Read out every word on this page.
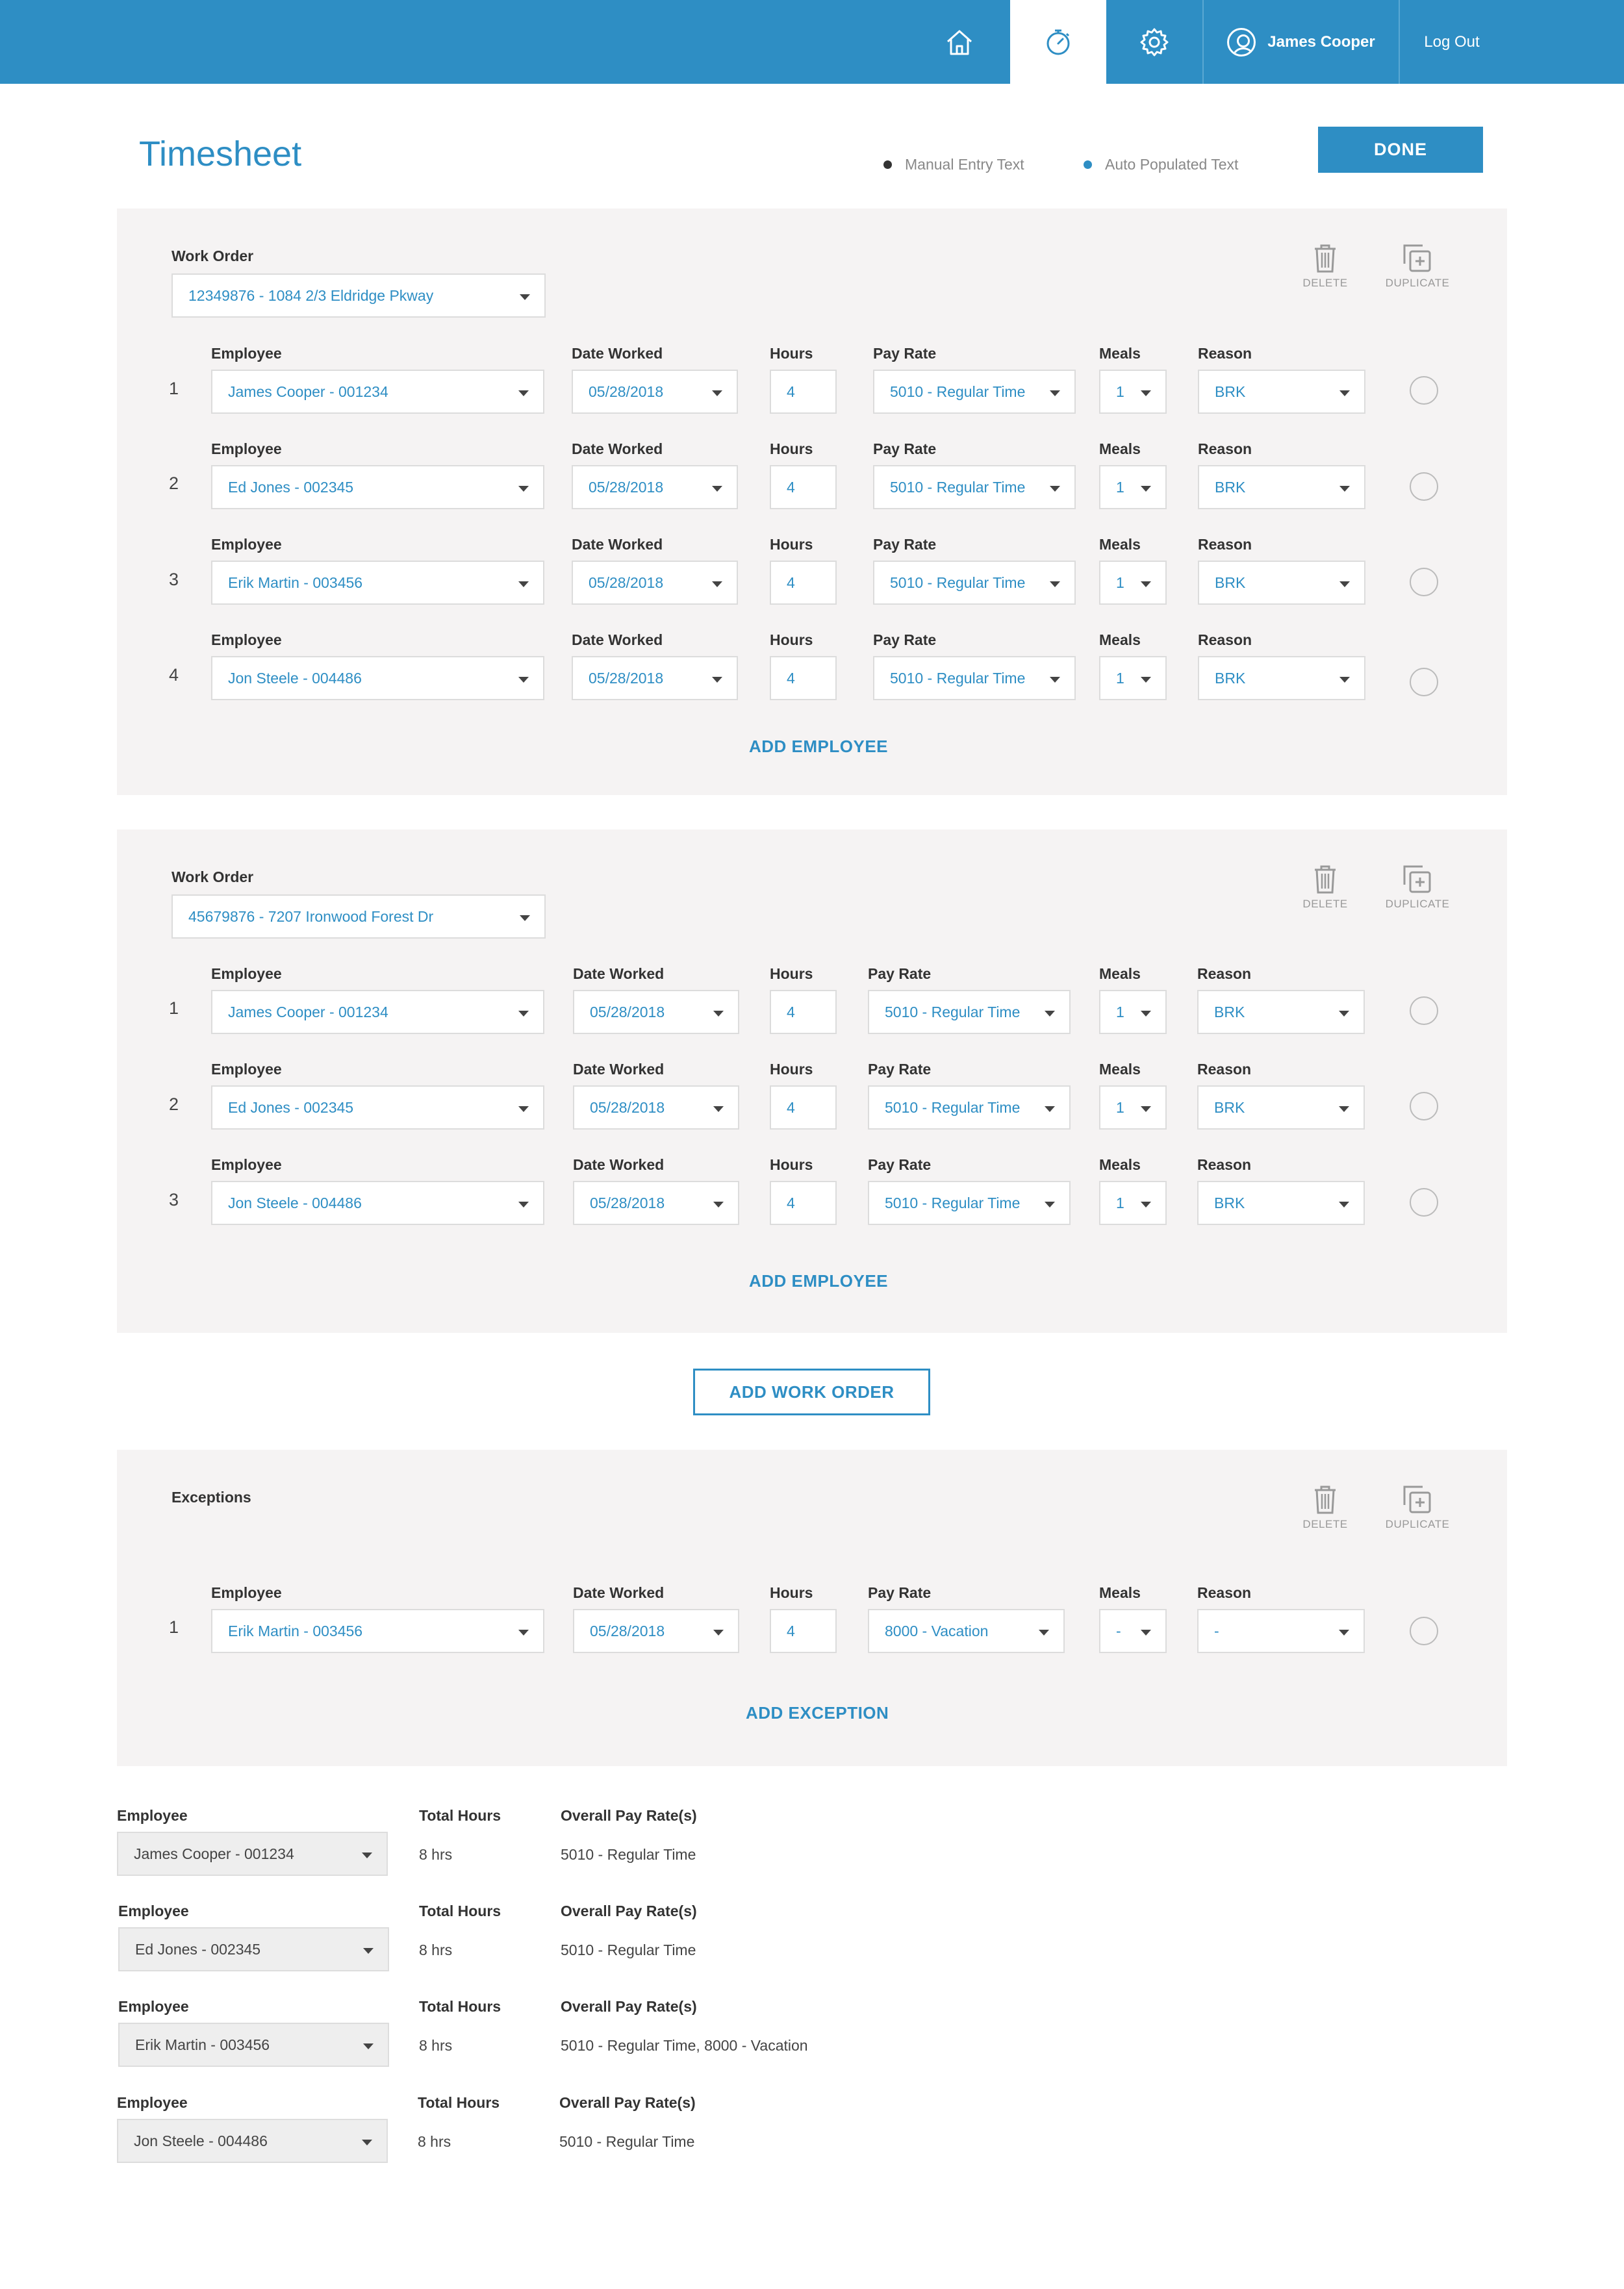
James Cooper	Log Out
Timesheet	Manual Entry Text	Auto Populated Text
DONE
Work Order
12349876 - 1084 2/3 Eldridge Pkway
DELETE	DUPLICATE
1
Employee
James Cooper - 001234
Date Worked
05/28/2018
Hours
4
Pay Rate
5010 - Regular Time
Meals
1
Reason
BRK
2
Employee
Ed Jones - 002345
Date Worked
05/28/2018
Hours
4
Pay Rate
5010 - Regular Time
Meals
1
Reason
BRK
3
Employee
Erik Martin - 003456
Date Worked
05/28/2018
Hours
4
Pay Rate
5010 - Regular Time
Meals
1
Reason
BRK
4
Employee
Jon Steele - 004486
Date Worked
05/28/2018
Hours
4
Pay Rate
5010 - Regular Time
Meals
1
Reason
BRK
ADD EMPLOYEE
Work Order
45679876 - 7207 Ironwood Forest Dr
DELETE	DUPLICATE
1
Employee
James Cooper - 001234
Date Worked
05/28/2018
Hours
4
Pay Rate
5010 - Regular Time
Meals
1
Reason
BRK
2
Employee
Ed Jones - 002345
Date Worked
05/28/2018
Hours
4
Pay Rate
5010 - Regular Time
Meals
1
Reason
BRK
3
Employee
Jon Steele - 004486
Date Worked
05/28/2018
Hours
4
Pay Rate
5010 - Regular Time
Meals
1
Reason
BRK
ADD EMPLOYEE
ADD WORK ORDER
Exceptions
DELETE	DUPLICATE
1
Employee
Erik Martin - 003456
Date Worked
05/28/2018
Hours
4
Pay Rate
8000 - Vacation
Meals
-
Reason
-
ADD EXCEPTION
Employee
James Cooper - 001234
Total Hours
8 hrs
Overall Pay Rate(s)
5010 - Regular Time
Employee
Ed Jones - 002345
Total Hours
8 hrs
Overall Pay Rate(s)
5010 - Regular Time
Employee
Erik Martin - 003456
Total Hours
8 hrs
Overall Pay Rate(s)
5010 - Regular Time, 8000 - Vacation
Employee
Jon Steele - 004486
Total Hours
8 hrs
Overall Pay Rate(s)
5010 - Regular Time
